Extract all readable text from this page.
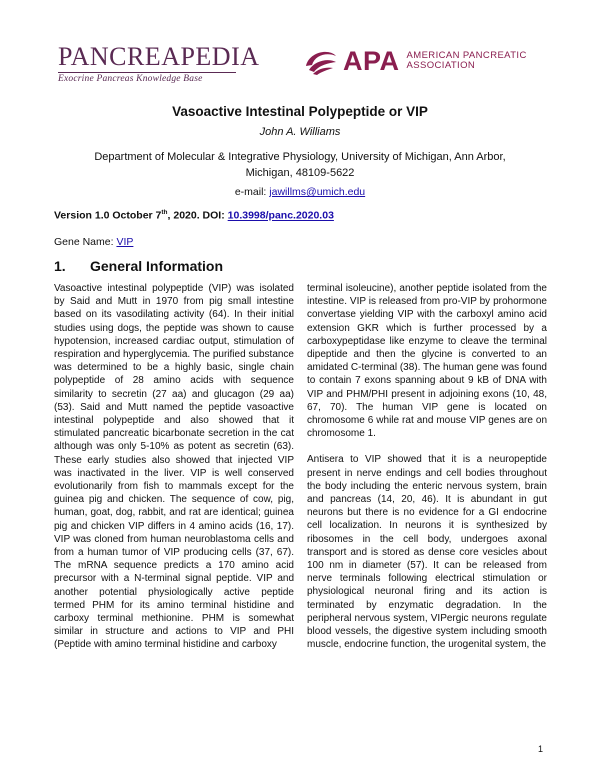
PANCREAPEDIA
Exocrine Pancreas Knowledge Base
APA AMERICAN PANCREATIC
ASSOCIATION
Vasoactive Intestinal Polypeptide or VIP
John A. Williams
Department of Molecular & Integrative Physiology, University of Michigan, Ann Arbor, Michigan, 48109-5622
e-mail: jawillms@umich.edu
Version 1.0 October 7th, 2020. DOI: 10.3998/panc.2020.03
Gene Name: VIP
1. General Information

Vasoactive intestinal polypeptide (VIP) was isolated by Said and Mutt in 1970 from pig small intestine based on its vasodilating activity (64). In their initial studies using dogs, the peptide was shown to cause hypotension, increased cardiac output, stimulation of respiration and hyperglycemia. The purified substance was determined to be a highly basic, single chain polypeptide of 28 amino acids with sequence similarity to secretin (27 aa) and glucagon (29 aa) (53). Said and Mutt named the peptide vasoactive intestinal polypeptide and also showed that it stimulated pancreatic bicarbonate secretion in the cat although was only 5-10% as potent as secretin (63). These early studies also showed that injected VIP was inactivated in the liver. VIP is well conserved evolutionarily from fish to mammals except for the guinea pig and chicken. The sequence of cow, pig, human, goat, dog, rabbit, and rat are identical; guinea pig and chicken VIP differs in 4 amino acids (16, 17). VIP was cloned from human neuroblastoma cells and from a human tumor of VIP producing cells (37, 67). The mRNA sequence predicts a 170 amino acid precursor with a N-terminal signal peptide. VIP and another potential physiologically active peptide termed PHM for its amino terminal histidine and carboxy terminal methionine. PHM is somewhat similar in structure and actions to VIP and PHI (Peptide with amino terminal histidine and carboxy

terminal isoleucine), another peptide isolated from the intestine. VIP is released from pro-VIP by prohormone convertase yielding VIP with the carboxyl amino acid extension GKR which is further processed by a carboxypeptidase like enzyme to cleave the terminal dipeptide and then the glycine is converted to an amidated C-terminal (38). The human gene was found to contain 7 exons spanning about 9 kB of DNA with VIP and PHM/PHI present in adjoining exons (10, 48, 67, 70). The human VIP gene is located on chromosome 6 while rat and mouse VIP genes are on chromosome 1.

Antisera to VIP showed that it is a neuropeptide present in nerve endings and cell bodies throughout the body including the enteric nervous system, brain and pancreas (14, 20, 46). It is abundant in gut neurons but there is no evidence for a GI endocrine cell localization. In neurons it is synthesized by ribosomes in the cell body, undergoes axonal transport and is stored as dense core vesicles about 100 nm in diameter (57). It can be released from nerve terminals following electrical stimulation or physiological neuronal firing and its action is terminated by enzymatic degradation. In the peripheral nervous system, VIPergic neurons regulate blood vessels, the digestive system including smooth muscle, endocrine function, the urogenital system, the

1
